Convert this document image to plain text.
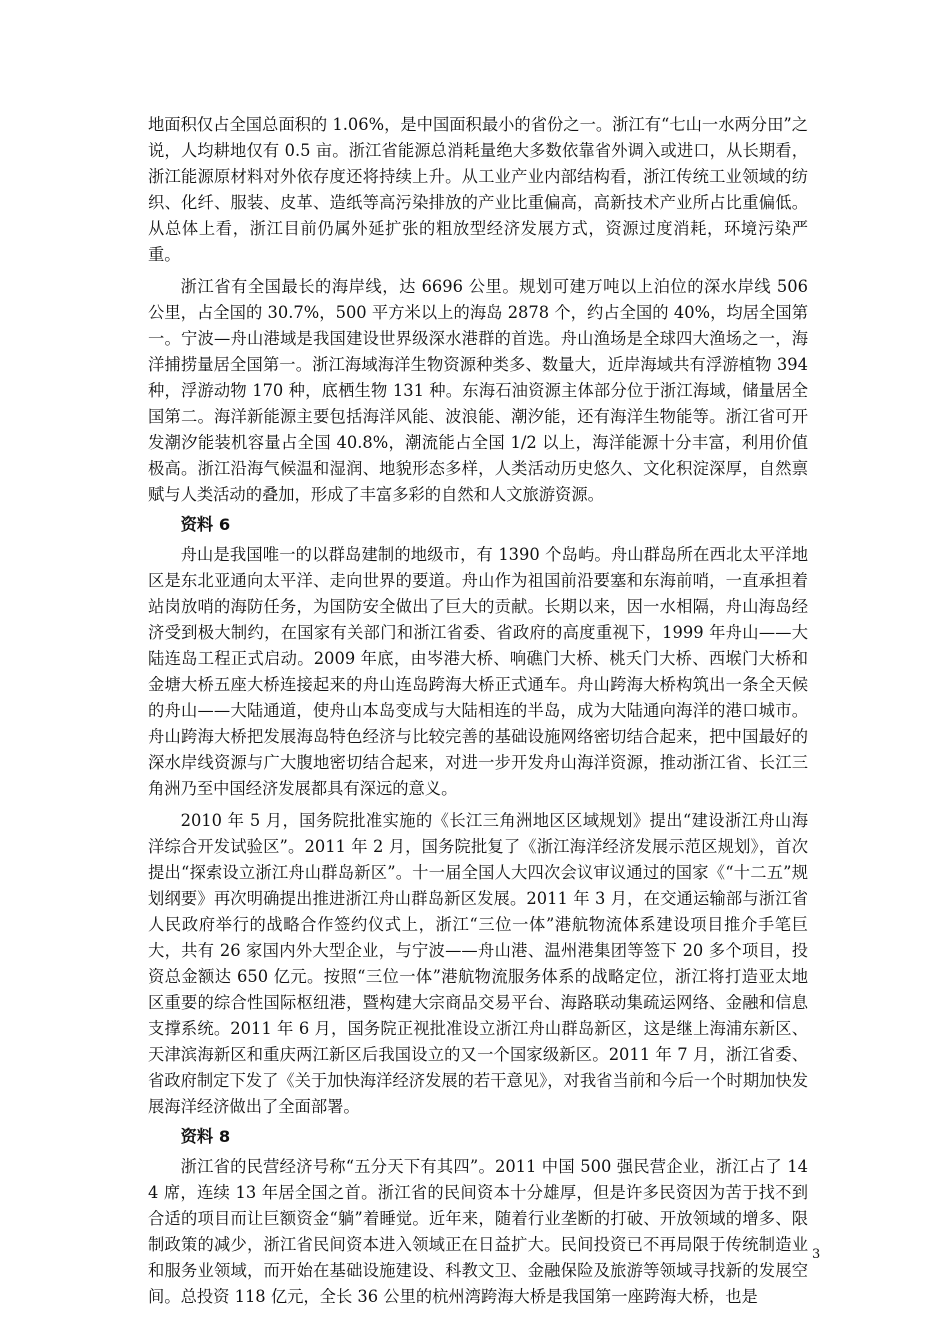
地面积仅占全国总面积的 1.06%，是中国面积最小的省份之一。浙江有“七山一水两分田”之说，人均耕地仅有 0.5 亩。浙江省能源总消耗量绝大多数依靠省外调入或进口，从长期看，浙江能源原材料对外依存度还将持续上升。从工业产业内部结构看，浙江传统工业领域的纺织、化纤、服装、皮革、造纸等高污染排放的产业比重偏高，高新技术产业所占比重偏低。从总体上看，浙江目前仍属外延扩张的粗放型经济发展方式，资源过度消耗，环境污染严重。

浙江省有全国最长的海岸线，达 6696 公里。规划可建万吨以上泊位的深水岸线 506 公里，占全国的 30.7%，500 平方米以上的海岛 2878 个，约占全国的 40%，均居全国第一。宁波—舟山港域是我国建设世界级深水港群的首选。舟山渔场是全球四大渔场之一，海洋捕捞量居全国第一。浙江海域海洋生物资源种类多、数量大，近岸海域共有浮游植物 394 种，浮游动物 170 种，底栖生物 131 种。东海石油资源主体部分位于浙江海域，储量居全国第二。海洋新能源主要包括海洋风能、波浪能、潮汐能，还有海洋生物能等。浙江省可开发潮汐能装机容量占全国 40.8%，潮流能占全国 1/2 以上，海洋能源十分丰富，利用价值极高。浙江沿海气候温和湿润、地貌形态多样，人类活动历史悠久、文化积淀深厚，自然禀赋与人类活动的叠加，形成了丰富多彩的自然和人文旅游资源。

资料 6

舟山是我国唯一的以群岛建制的地级市，有 1390 个岛屿。舟山群岛所在西北太平洋地区是东北亚通向太平洋、走向世界的要道。舟山作为祖国前沿要塞和东海前哨，一直承担着站岗放哨的海防任务，为国防安全做出了巨大的贡献。长期以来，因一水相隔，舟山海岛经济受到极大制约，在国家有关部门和浙江省委、省政府的高度重视下，1999 年舟山——大陆连岛工程正式启动。2009 年底，由岑港大桥、响礁门大桥、桃夭门大桥、西堠门大桥和金塘大桥五座大桥连接起来的舟山连岛跨海大桥正式通车。舟山跨海大桥构筑出一条全天候的舟山——大陆通道，使舟山本岛变成与大陆相连的半岛，成为大陆通向海洋的港口城市。舟山跨海大桥把发展海岛特色经济与比较完善的基础设施网络密切结合起来，把中国最好的深水岸线资源与广大腹地密切结合起来，对进一步开发舟山海洋资源，推动浙江省、长江三角洲乃至中国经济发展都具有深远的意义。

2010 年 5 月，国务院批准实施的《长江三角洲地区区域规划》提出“建设浙江舟山海洋综合开发试验区”。2011 年 2 月，国务院批复了《浙江海洋经济发展示范区规划》，首次提出“探索设立浙江舟山群岛新区”。十一届全国人大四次会议审议通过的国家《“十二五”规划纲要》再次明确提出推进浙江舟山群岛新区发展。2011 年 3 月，在交通运输部与浙江省人民政府举行的战略合作签约仪式上，浙江“三位一体”港航物流体系建设项目推介手笔巨大，共有 26 家国内外大型企业，与宁波——舟山港、温州港集团等签下 20 多个项目，投资总金额达 650 亿元。按照“三位一体”港航物流服务体系的战略定位，浙江将打造亚太地区重要的综合性国际枢纽港，暨构建大宗商品交易平台、海路联动集疏运网络、金融和信息支撑系统。2011 年 6 月，国务院正视批准设立浙江舟山群岛新区，这是继上海浦东新区、天津滨海新区和重庆两江新区后我国设立的又一个国家级新区。2011 年 7 月，浙江省委、省政府制定下发了《关于加快海洋经济发展的若干意见》，对我省当前和今后一个时期加快发展海洋经济做出了全面部署。

资料 8

浙江省的民营经济号称“五分天下有其四”。2011 中国 500 强民营企业，浙江占了 144 席，连续 13 年居全国之首。浙江省的民间资本十分雄厚，但是许多民资因为苦于找不到合适的项目而让巨额资金“躺”着睡觉。近年来，随着行业垄断的打破、开放领域的增多、限制政策的减少，浙江省民间资本进入领域正在日益扩大。民间投资已不再局限于传统制造业和服务业领域，而开始在基础设施建设、科教文卫、金融保险及旅游等领域寻找新的发展空间。总投资 118 亿元，全长 36 公里的杭州湾跨海大桥是我国第一座跨海大桥，也是

3
